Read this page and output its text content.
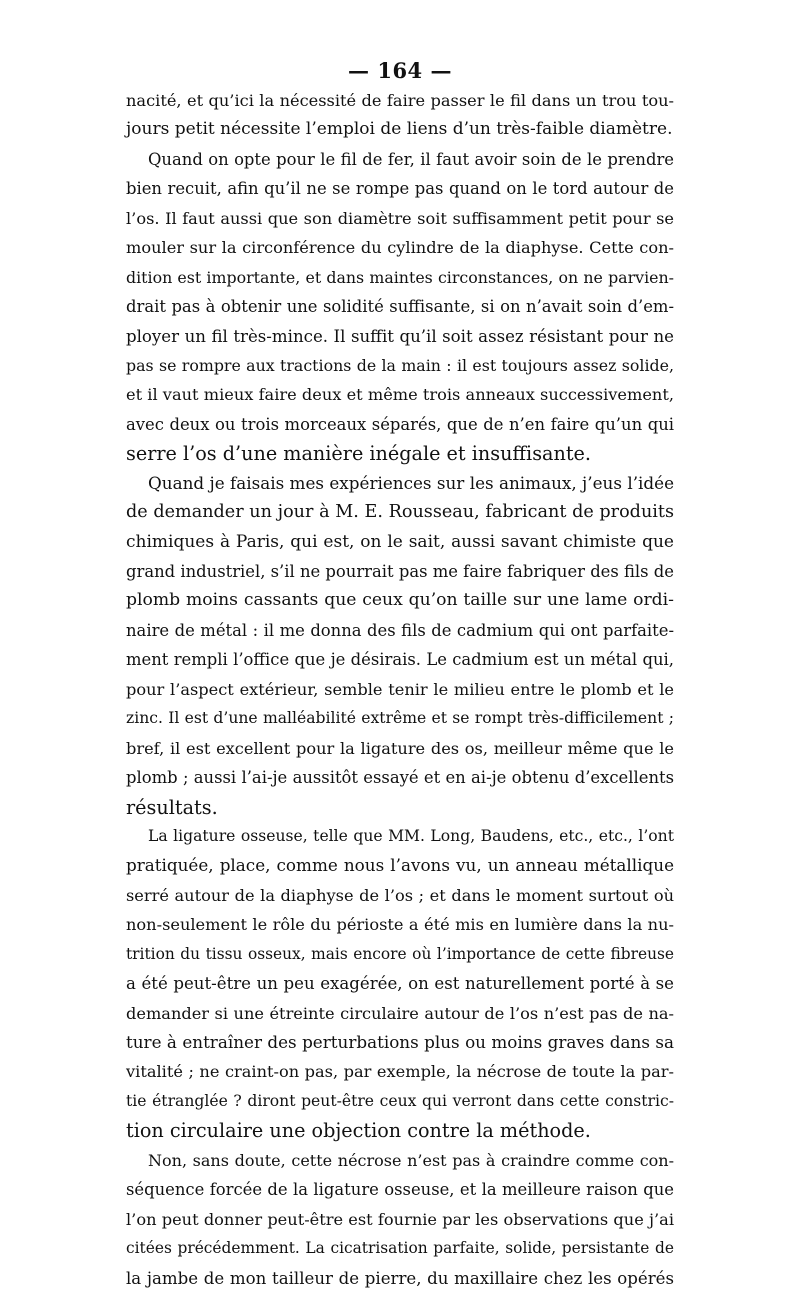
— 164 —
nacité, et qu’ici la nécessité de faire passer le fil dans un trou tou-
jours petit nécessite l’emploi de liens d’un très-faible diamètre.
Quand on opte pour le fil de fer, il faut avoir soin de le prendre
bien recuit, afin qu’il ne se rompe pas quand on le tord autour de
l’os. Il faut aussi que son diamètre soit suffisamment petit pour se
mouler sur la circonférence du cylindre de la diaphyse. Cette con-
dition est importante, et dans maintes circonstances, on ne parvien-
drait pas à obtenir une solidité suffisante, si on n’avait soin d’em-
ployer un fil très-mince. Il suffit qu’il soit assez résistant pour ne
pas se rompre aux tractions de la main : il est toujours assez solide,
et il vaut mieux faire deux et même trois anneaux successivement,
avec deux ou trois morceaux séparés, que de n’en faire qu’un qui
serre l’os d’une manière inégale et insuffisante.
Quand je faisais mes expériences sur les animaux, j’eus l’idée
de demander un jour à M. E. Rousseau, fabricant de produits
chimiques à Paris, qui est, on le sait, aussi savant chimiste que
grand industriel, s’il ne pourrait pas me faire fabriquer des fils de
plomb moins cassants que ceux qu’on taille sur une lame ordi-
naire de métal : il me donna des fils de cadmium qui ont parfaite-
ment rempli l’office que je désirais. Le cadmium est un métal qui,
pour l’aspect extérieur, semble tenir le milieu entre le plomb et le
zinc. Il est d’une malléabilité extrême et se rompt très-difficilement ;
bref, il est excellent pour la ligature des os, meilleur même que le
plomb ; aussi l’ai-je aussitôt essayé et en ai-je obtenu d’excellents
résultats.
La ligature osseuse, telle que MM. Long, Baudens, etc., etc., l’ont
pratiquée, place, comme nous l’avons vu, un anneau métallique
serré autour de la diaphyse de l’os ; et dans le moment surtout où
non-seulement le rôle du périoste a été mis en lumière dans la nu-
trition du tissu osseux, mais encore où l’importance de cette fibreuse
a été peut-être un peu exagérée, on est naturellement porté à se
demander si une étreinte circulaire autour de l’os n’est pas de na-
ture à entraîner des perturbations plus ou moins graves dans sa
vitalité ; ne craint-on pas, par exemple, la nécrose de toute la par-
tie étranglée ? diront peut-être ceux qui verront dans cette constric-
tion circulaire une objection contre la méthode.
Non, sans doute, cette nécrose n’est pas à craindre comme con-
séquence forcée de la ligature osseuse, et la meilleure raison que
l’on peut donner peut-être est fournie par les observations que j’ai
citées précédemment. La cicatrisation parfaite, solide, persistante de
la jambe de mon tailleur de pierre, du maxillaire chez les opérés
